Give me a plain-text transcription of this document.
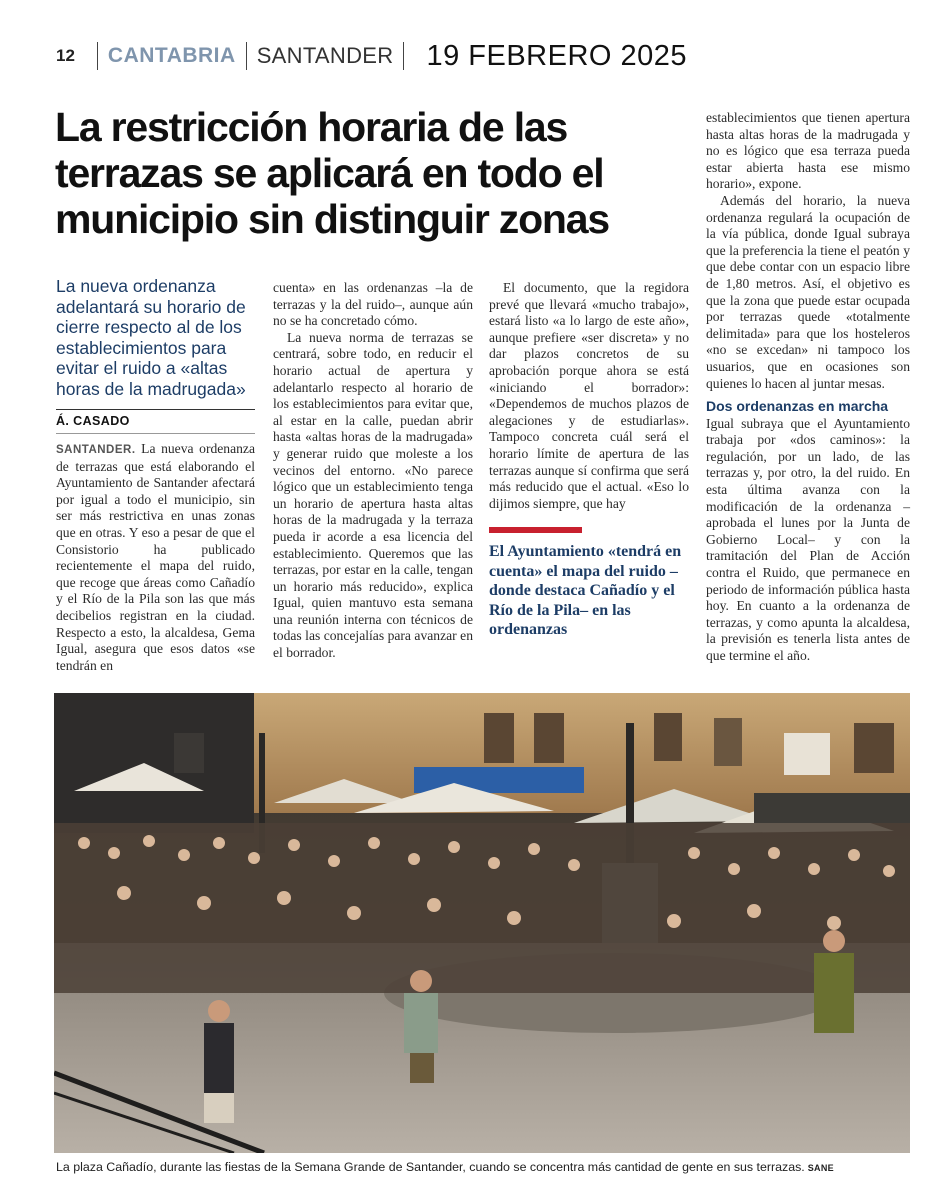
12 CANTABRIA SANTANDER 19 FEBRERO 2025
La restricción horaria de las terrazas se aplicará en todo el municipio sin distinguir zonas
La nueva ordenanza adelantará su horario de cierre respecto al de los establecimientos para evitar el ruido a «altas horas de la madrugada»
Á. CASADO

SANTANDER. La nueva ordenanza de terrazas que está elaborando el Ayuntamiento de Santander afectará por igual a todo el municipio, sin ser más restrictiva en unas zonas que en otras. Y eso a pesar de que el Consistorio ha publicado recientemente el mapa del ruido, que recoge que áreas como Cañadío y el Río de la Pila son las que más decibelios registran en la ciudad. Respecto a esto, la alcaldesa, Gema Igual, asegura que esos datos «se tendrán en

cuenta» en las ordenanzas –la de terrazas y la del ruido–, aunque aún no se ha concretado cómo.

La nueva norma de terrazas se centrará, sobre todo, en reducir el horario actual de apertura y adelantarlo respecto al horario de los establecimientos para evitar que, al estar en la calle, puedan abrir hasta «altas horas de la madrugada» y generar ruido que moleste a los vecinos del entorno. «No parece lógico que un establecimiento tenga un horario de apertura hasta altas horas de la madrugada y la terraza pueda ir acorde a esa licencia del establecimiento. Queremos que las terrazas, por estar en la calle, tengan un horario más reducido», explica Igual, quien mantuvo esta semana una reunión interna con técnicos de todas las concejalías para avanzar en el borrador.

El documento, que la regidora prevé que llevará «mucho trabajo», estará listo «a lo largo de este año», aunque prefiere «ser discreta» y no dar plazos concretos de su aprobación porque ahora se está «iniciando el borrador»: «Dependemos de muchos plazos de alegaciones y de estudiarlas». Tampoco concreta cuál será el horario límite de apertura de las terrazas aunque sí confirma que será más reducido que el actual. «Eso lo dijimos siempre, que hay

El Ayuntamiento «tendrá en cuenta» el mapa del ruido –donde destaca Cañadío y el Río de la Pila– en las ordenanzas

establecimientos que tienen apertura hasta altas horas de la madrugada y no es lógico que esa terraza pueda estar abierta hasta ese mismo horario», expone.

Además del horario, la nueva ordenanza regulará la ocupación de la vía pública, donde Igual subraya que la preferencia la tiene el peatón y que debe contar con un espacio libre de 1,80 metros. Así, el objetivo es que la zona que puede estar ocupada por terrazas quede «totalmente delimitada» para que los hosteleros «no se excedan» ni tampoco los usuarios, que en ocasiones son quienes lo hacen al juntar mesas.

Dos ordenanzas en marcha

Igual subraya que el Ayuntamiento trabaja por «dos caminos»: la regulación, por un lado, de las terrazas y, por otro, la del ruido. En esta última avanza con la modificación de la ordenanza –aprobada el lunes por la Junta de Gobierno Local– y con la tramitación del Plan de Acción contra el Ruido, que permanece en periodo de información pública hasta hoy. En cuanto a la ordenanza de terrazas, y como apunta la alcaldesa, la previsión es tenerla lista antes de que termine el año.

La plaza Cañadío, durante las fiestas de la Semana Grande de Santander, cuando se concentra más cantidad de gente en sus terrazas. SANE
